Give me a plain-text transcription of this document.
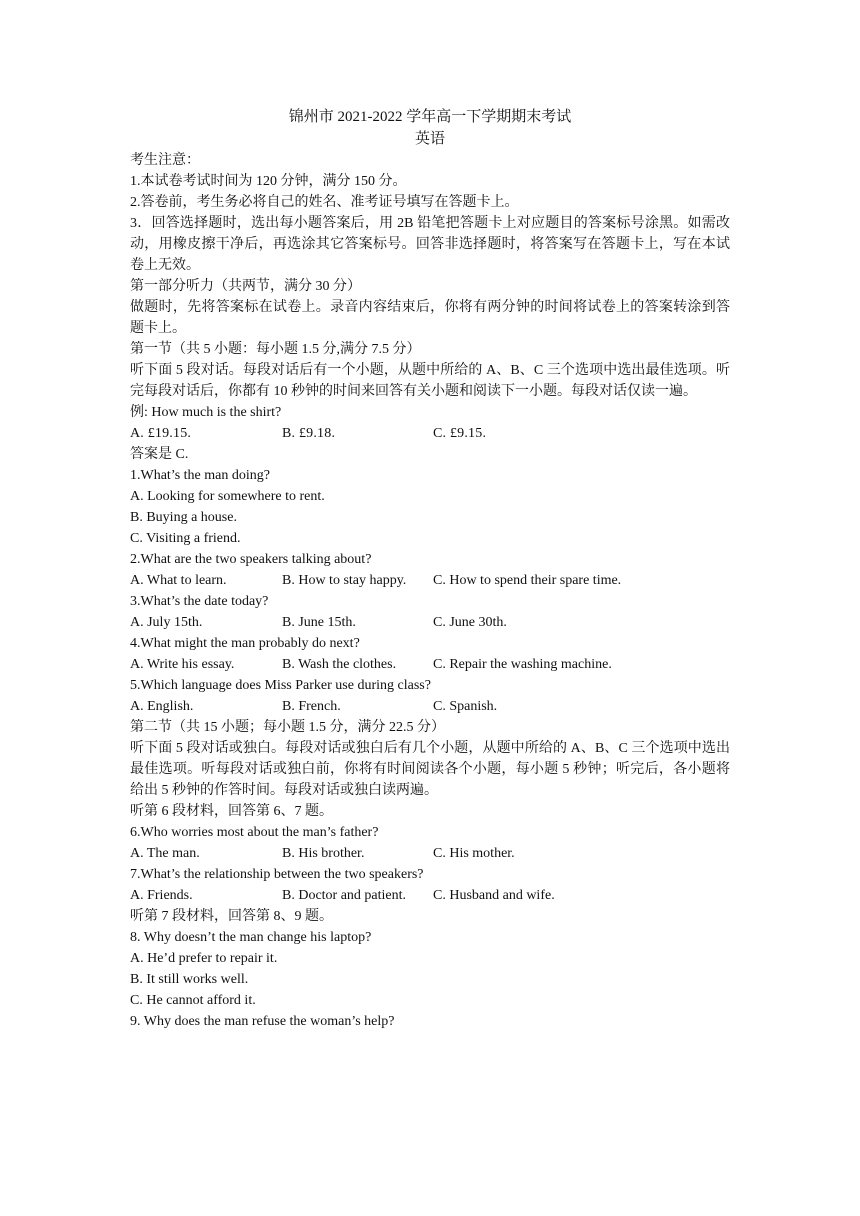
锦州市 2021-2022 学年高一下学期期末考试
英语
考生注意：
1.本试卷考试时间为 120 分钟，满分 150 分。
2.答卷前，考生务必将自己的姓名、准考证号填写在答题卡上。
3．回答选择题时，选出每小题答案后，用 2B 铅笔把答题卡上对应题目的答案标号涂黑。如需改动，用橡皮擦干净后，再选涂其它答案标号。回答非选择题时，将答案写在答题卡上，写在本试卷上无效。
第一部分听力（共两节，满分 30 分）
做题时，先将答案标在试卷上。录音内容结束后，你将有两分钟的时间将试卷上的答案转涂到答题卡上。
第一节（共 5 小题：每小题 1.5 分,满分 7.5 分）
听下面 5 段对话。每段对话后有一个小题，从题中所给的 A、B、C 三个选项中选出最佳选项。听完每段对话后，你都有 10 秒钟的时间来回答有关小题和阅读下一小题。每段对话仅读一遍。
例: How much is the shirt?
A. £19.15.	B. £9.18.	C. £9.15.
答案是 C.
1.What’s the man doing?
A. Looking for somewhere to rent.
B. Buying a house.
C. Visiting a friend.
2.What are the two speakers talking about?
A. What to learn.	B. How to stay happy.	C. How to spend their spare time.
3.What’s the date today?
A. July 15th.	B. June 15th.	C. June 30th.
4.What might the man probably do next?
A. Write his essay.	B. Wash the clothes.	C. Repair the washing machine.
5.Which language does Miss Parker use during class?
A. English.	B. French.	C. Spanish.
第二节（共 15 小题；每小题 1.5 分，满分 22.5 分）
听下面 5 段对话或独白。每段对话或独白后有几个小题，从题中所给的 A、B、C 三个选项中选出最佳选项。听每段对话或独白前，你将有时间阅读各个小题，每小题 5 秒钟；听完后，各小题将给出 5 秒钟的作答时间。每段对话或独白读两遍。
听第 6 段材料，回答第 6、7 题。
6.Who worries most about the man’s father?
A. The man.	B. His brother.	C. His mother.
7.What’s the relationship between the two speakers?
A. Friends.	B. Doctor and patient.	C. Husband and wife.
听第 7 段材料，回答第 8、9 题。
8. Why doesn’t the man change his laptop?
A. He’d prefer to repair it.
B. It still works well.
C. He cannot afford it.
9. Why does the man refuse the woman’s help?
